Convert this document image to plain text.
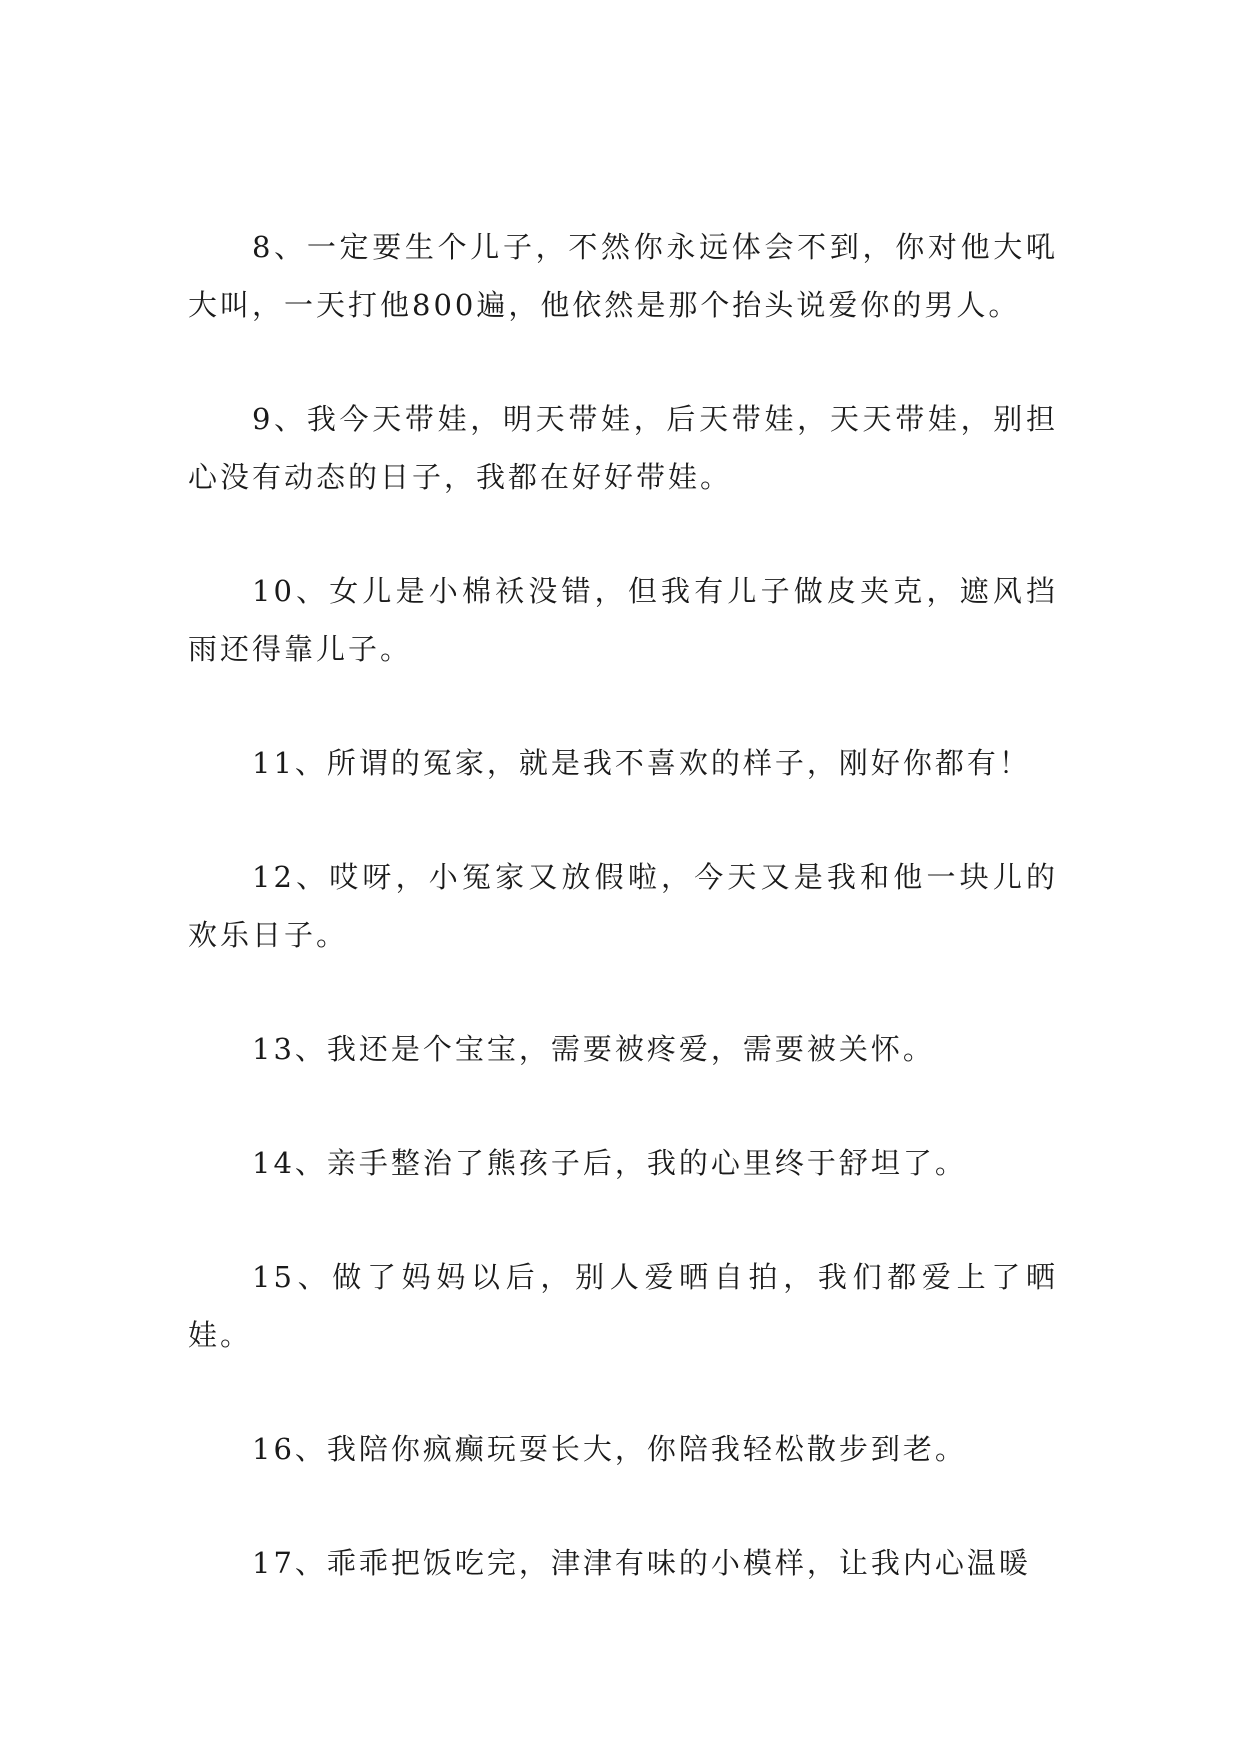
8、一定要生个儿子，不然你永远体会不到，你对他大吼大叫，一天打他800遍，他依然是那个抬头说爱你的男人。

9、我今天带娃，明天带娃，后天带娃，天天带娃，别担心没有动态的日子，我都在好好带娃。

10、女儿是小棉袄没错，但我有儿子做皮夹克，遮风挡雨还得靠儿子。

11、所谓的冤家，就是我不喜欢的样子，刚好你都有！

12、哎呀，小冤家又放假啦，今天又是我和他一块儿的欢乐日子。

13、我还是个宝宝，需要被疼爱，需要被关怀。

14、亲手整治了熊孩子后，我的心里终于舒坦了。

15、做了妈妈以后，别人爱晒自拍，我们都爱上了晒娃。

16、我陪你疯癫玩耍长大，你陪我轻松散步到老。

17、乖乖把饭吃完，津津有味的小模样，让我内心温暖
